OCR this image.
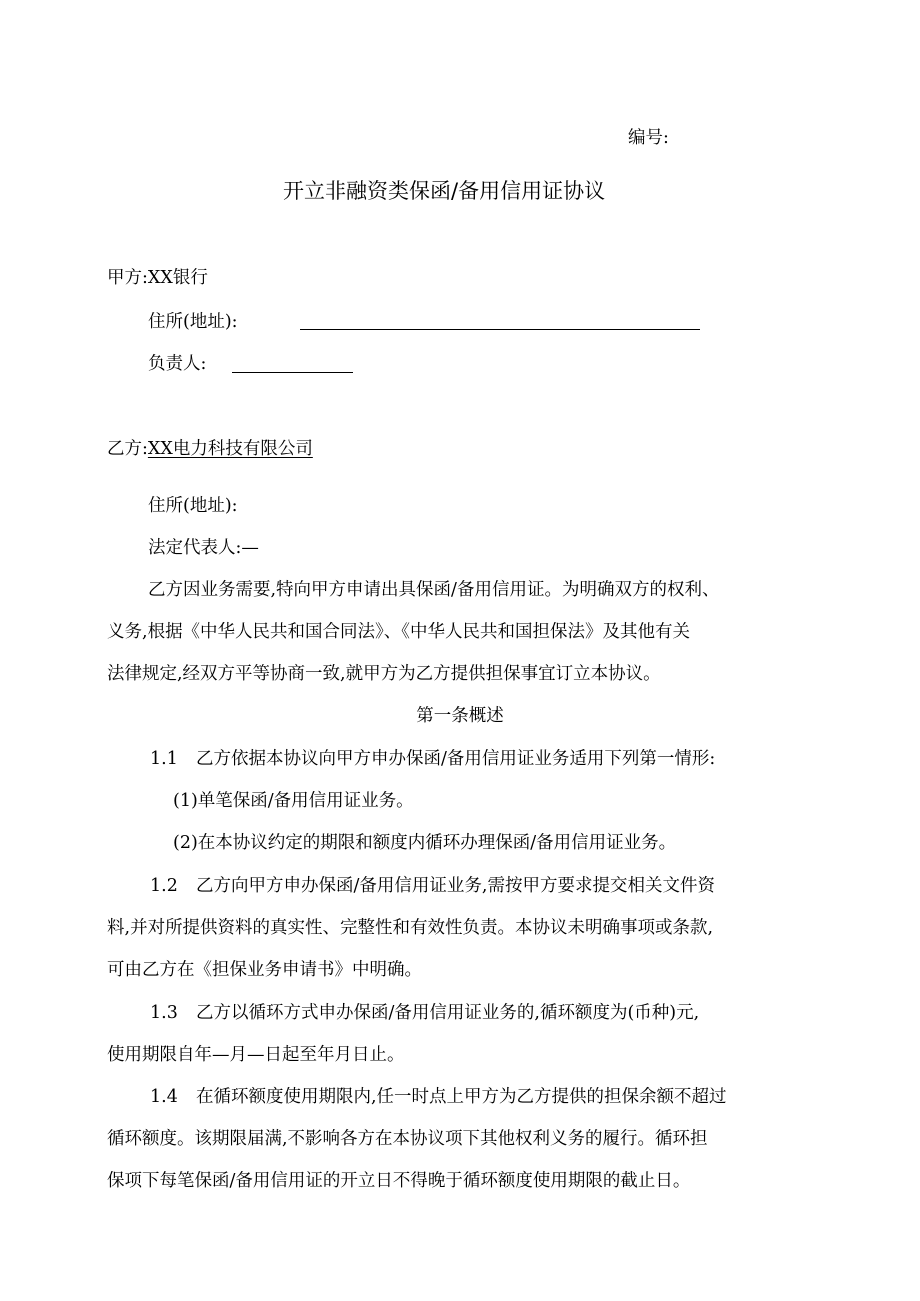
编号:
开立非融资类保函/备用信用证协议
甲方:XX银行
住所(地址):
负责人:
乙方:XX电力科技有限公司
住所(地址):
法定代表人:—
乙方因业务需要,特向甲方申请出具保函/备用信用证。为明确双方的权利、
义务,根据《中华人民共和国合同法》、《中华人民共和国担保法》及其他有关
法律规定,经双方平等协商一致,就甲方为乙方提供担保事宜订立本协议。
第一条概述
1.1 乙方依据本协议向甲方申办保函/备用信用证业务适用下列第一情形:
(1)单笔保函/备用信用证业务。
(2)在本协议约定的期限和额度内循环办理保函/备用信用证业务。
1.2 乙方向甲方申办保函/备用信用证业务,需按甲方要求提交相关文件资
料,并对所提供资料的真实性、完整性和有效性负责。本协议未明确事项或条款,
可由乙方在《担保业务申请书》中明确。
1.3 乙方以循环方式申办保函/备用信用证业务的,循环额度为(币种)元,
使用期限自年—月—日起至年月日止。
1.4 在循环额度使用期限内,任一时点上甲方为乙方提供的担保余额不超过
循环额度。该期限届满,不影响各方在本协议项下其他权利义务的履行。循环担
保项下每笔保函/备用信用证的开立日不得晚于循环额度使用期限的截止日。
